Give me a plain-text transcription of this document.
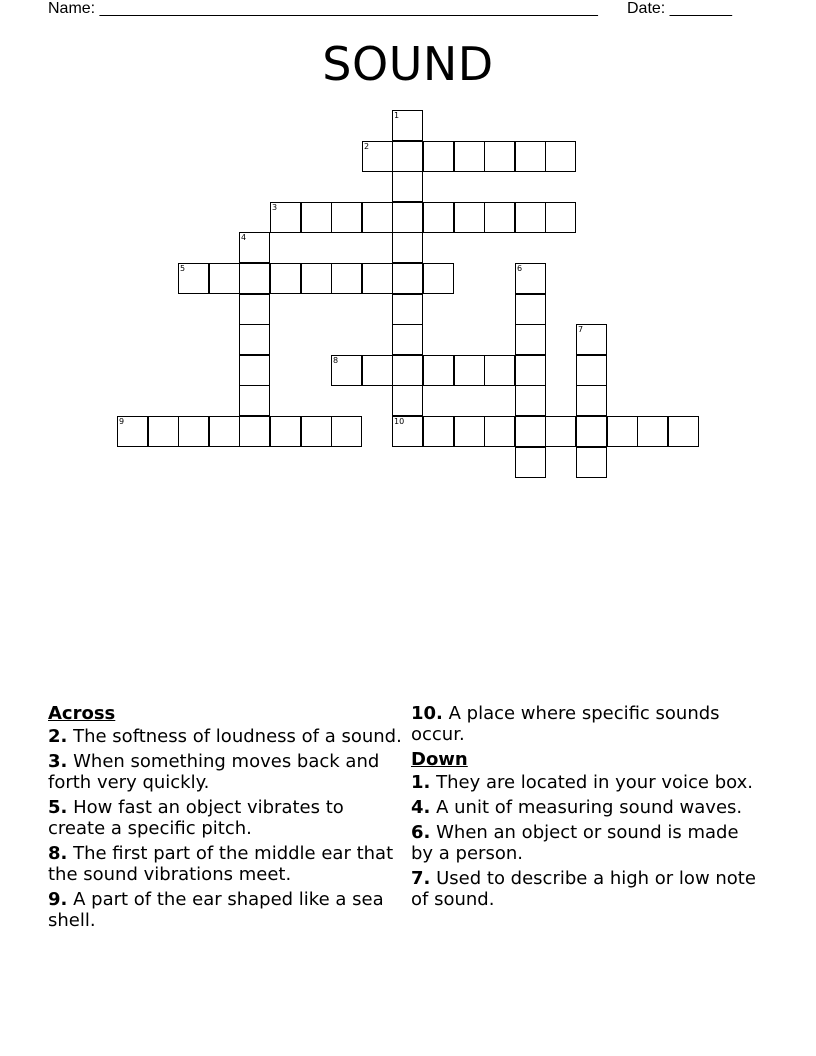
Name: ________________________________________________________ Date: _______
SOUND
1
2
3
4
5	6
7
8
9	10
Across
2. The softness of loudness of a sound.
3. When something moves back and forth very quickly.
5. How fast an object vibrates to create a specific pitch.
8. The first part of the middle ear that the sound vibrations meet.
9. A part of the ear shaped like a sea shell.
10. A place where specific sounds occur.
Down
1. They are located in your voice box.
4. A unit of measuring sound waves.
6. When an object or sound is made by a person.
7. Used to describe a high or low note of sound.
